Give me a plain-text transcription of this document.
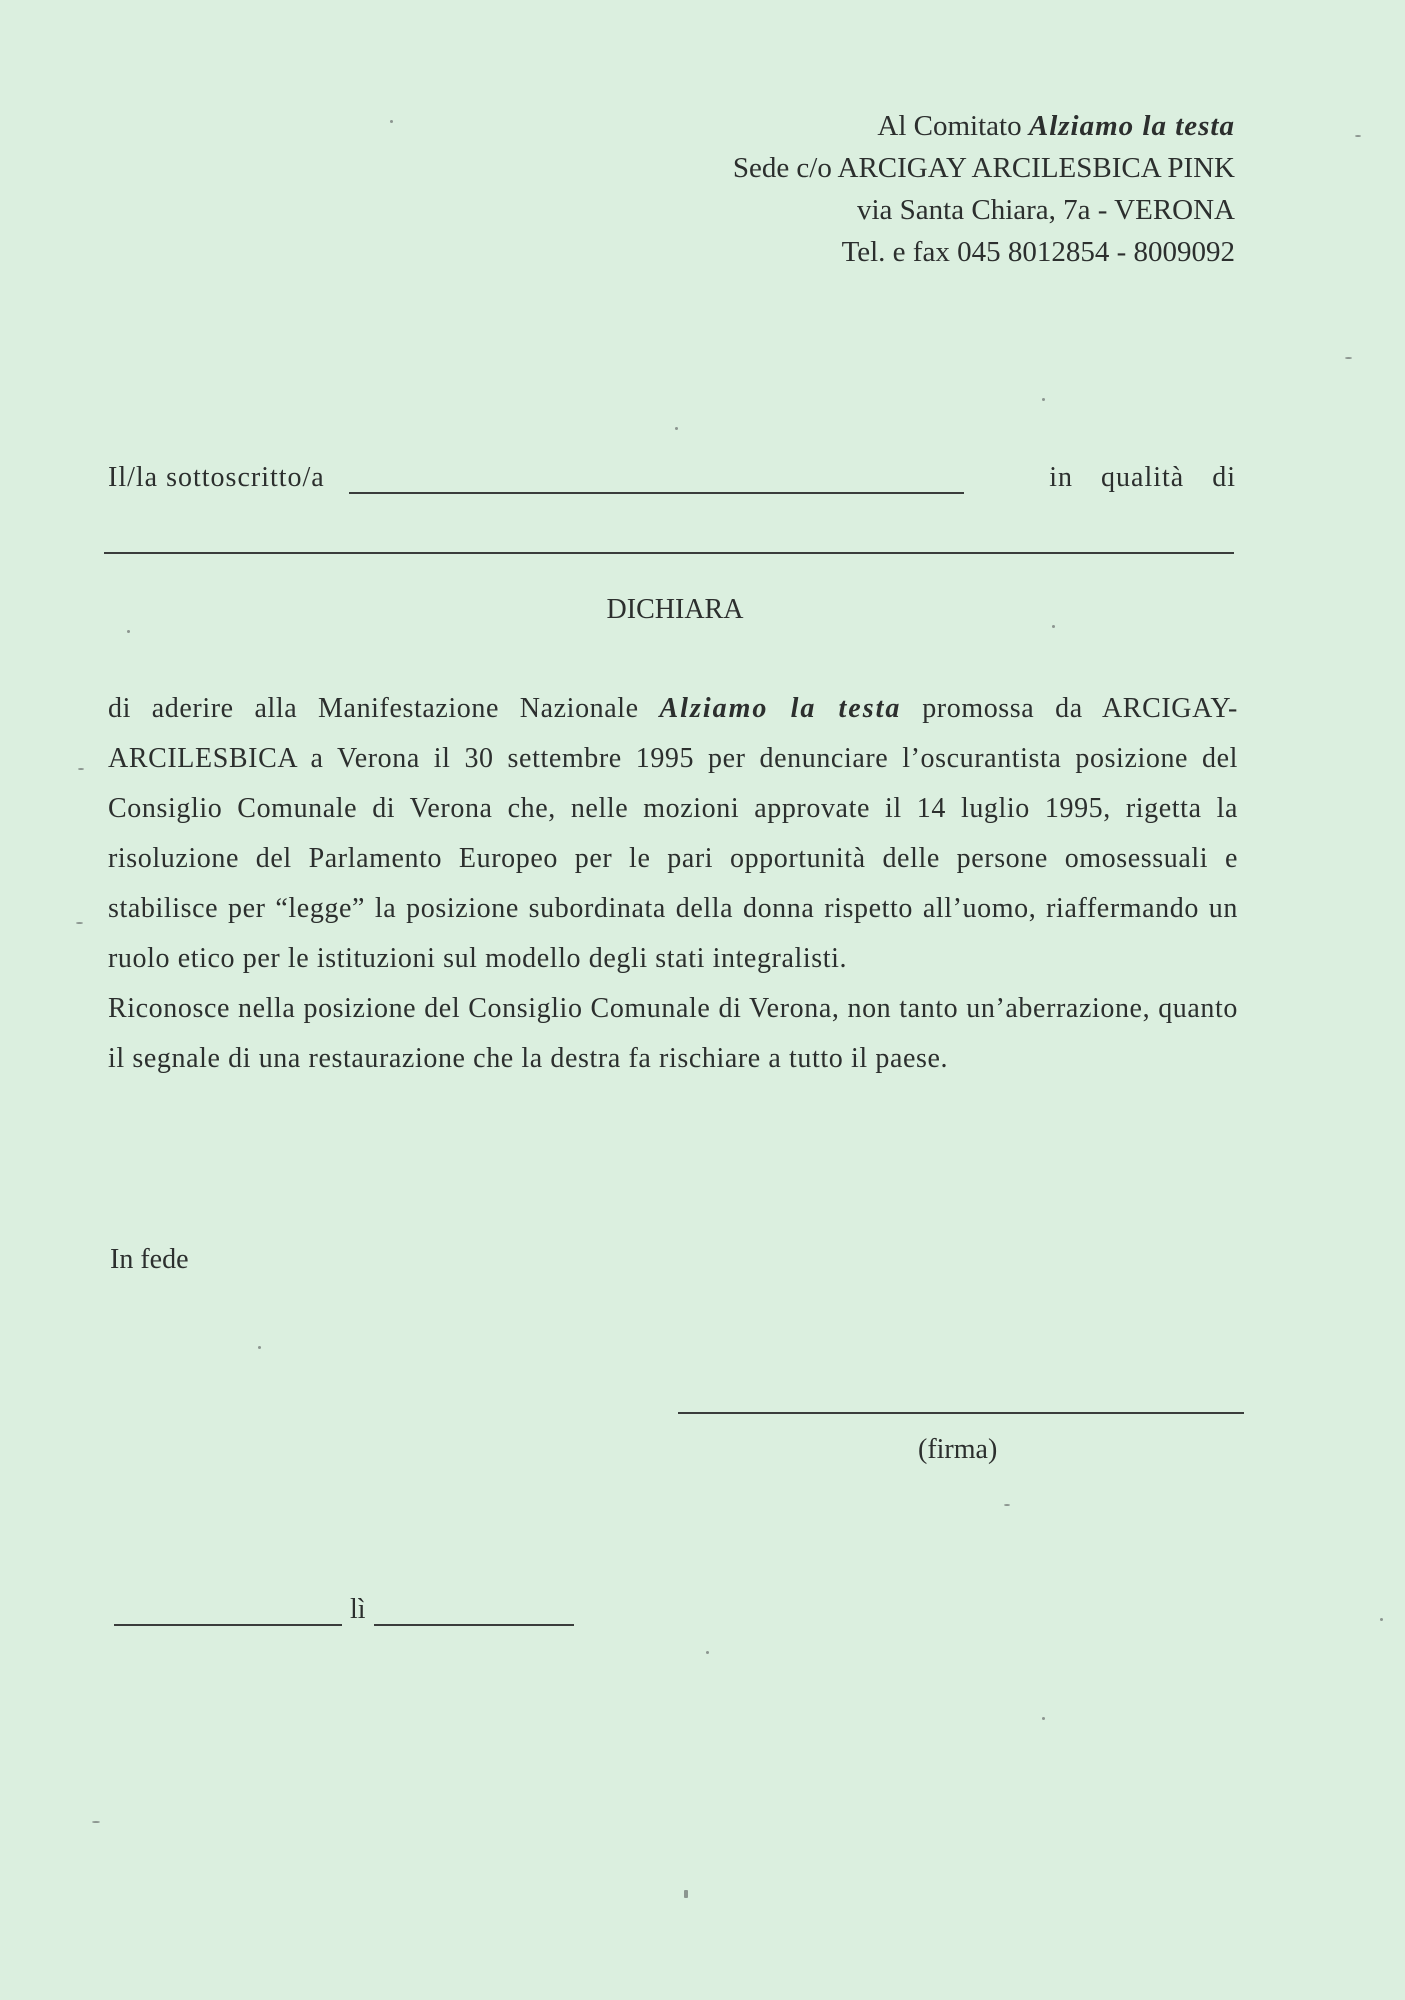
Al Comitato Alziamo la testa
Sede c/o ARCIGAY ARCILESBICA PINK
via Santa Chiara, 7a - VERONA
Tel. e fax 045 8012854 - 8009092
Il/la sottoscritto/a	in qualità di
DICHIARA

di aderire alla Manifestazione Nazionale Alziamo la testa promossa da ARCIGAY-ARCILESBICA a Verona il 30 settembre 1995 per denunciare l’oscurantista posizione del Consiglio Comunale di Verona che, nelle mozioni approvate il 14 luglio 1995, rigetta la risoluzione del Parlamento Europeo per le pari opportunità delle persone omosessuali e stabilisce per “legge” la posizione subordinata della donna rispetto all’uomo, riaffermando un ruolo etico per le istituzioni sul modello degli stati integralisti.

Riconosce nella posizione del Consiglio Comunale di Verona, non tanto un’aberrazione, quanto il segnale di una restaurazione che la destra fa rischiare a tutto il paese.

In fede
(firma)
lì
